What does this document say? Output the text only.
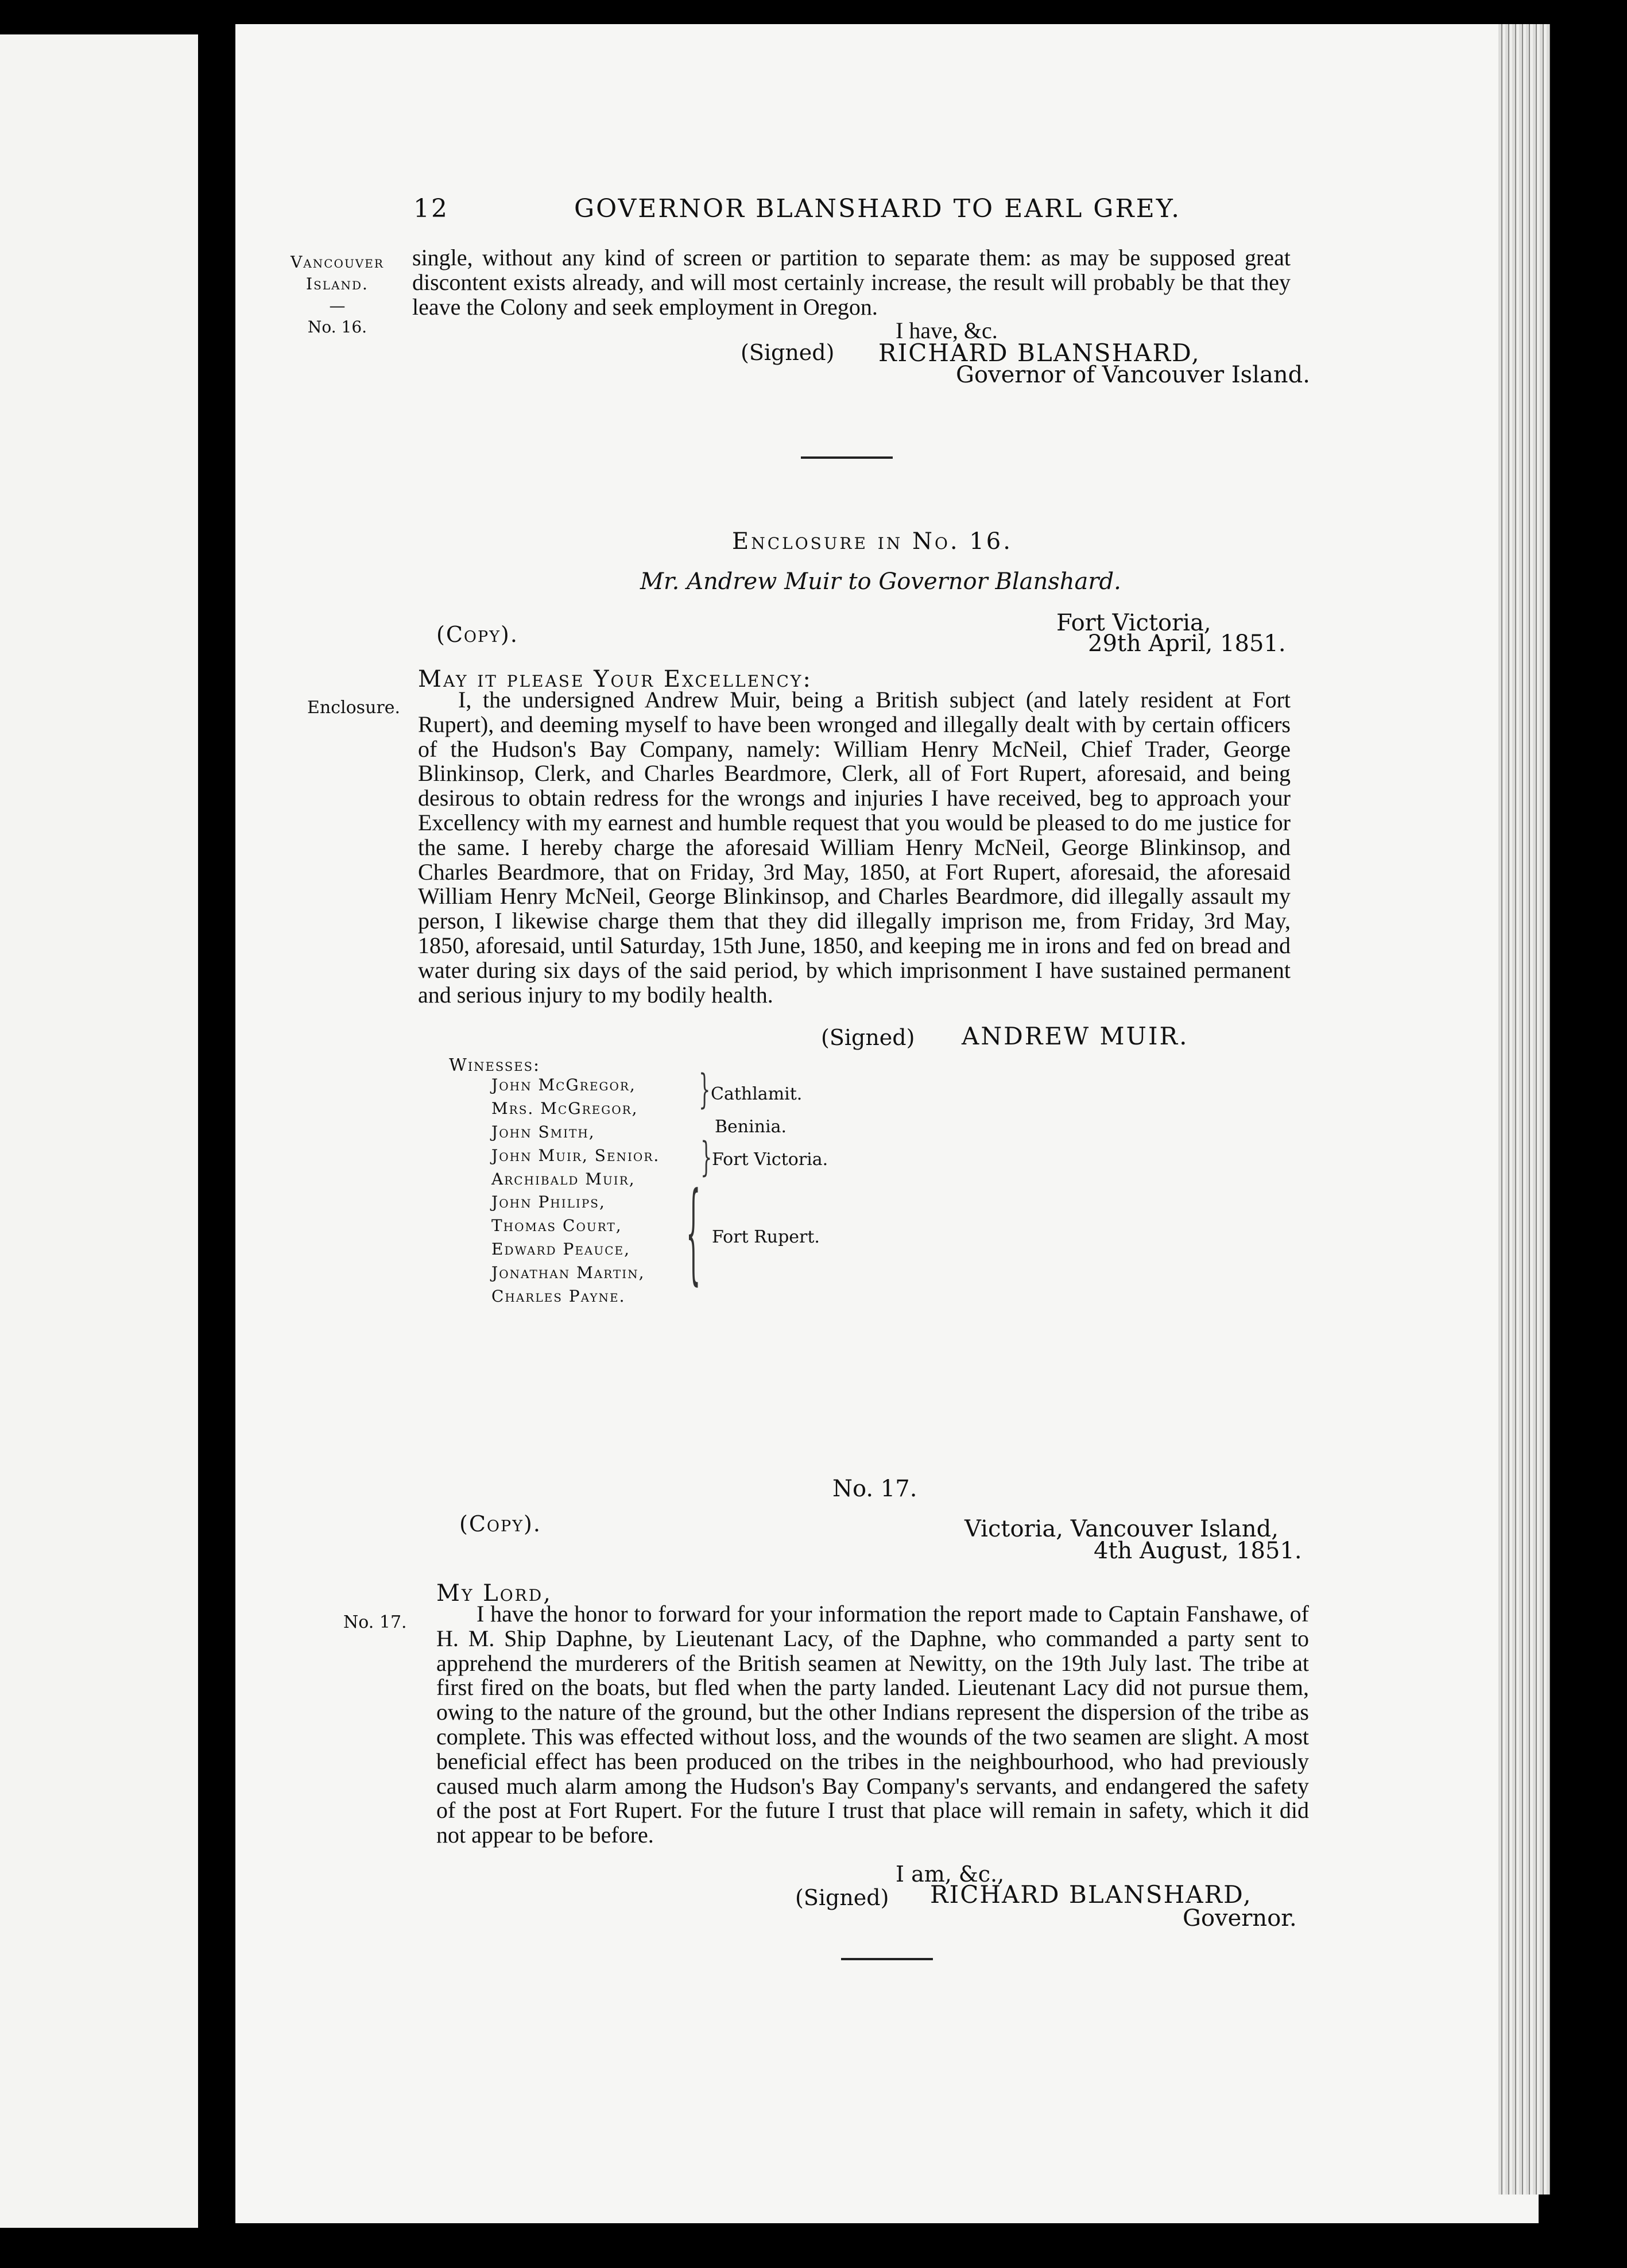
12	GOVERNOR BLANSHARD TO EARL GREY.
Vancouver
Island.
—
No. 16.

single, without any kind of screen or partition to separate them: as may be supposed great discontent exists already, and will most certainly increase, the result will probably be that they leave the Colony and seek employment in Oregon.

I have, &c.
(Signed) RICHARD BLANSHARD,
Governor of Vancouver Island.
Enclosure in No. 16.
Mr. Andrew Muir to Governor Blanshard.
(Copy).	Fort Victoria,
29th April, 1851.
May it please Your Excellency:
Enclosure.	I, the undersigned Andrew Muir, being a British subject (and lately resident at Fort Rupert), and deeming myself to have been wronged and illegally dealt with by certain officers of the Hudson's Bay Company, namely: William Henry McNeil, Chief Trader, George Blinkinsop, Clerk, and Charles Beardmore, Clerk, all of Fort Rupert, aforesaid, and being desirous to obtain redress for the wrongs and injuries I have received, beg to approach your Excellency with my earnest and humble request that you would be pleased to do me justice for the same. I hereby charge the aforesaid William Henry McNeil, George Blinkinsop, and Charles Beardmore, that on Friday, 3rd May, 1850, at Fort Rupert, aforesaid, the aforesaid William Henry McNeil, George Blinkinsop, and Charles Beardmore, did illegally assault my person, I likewise charge them that they did illegally imprison me, from Friday, 3rd May, 1850, aforesaid, until Saturday, 15th June, 1850, and keeping me in irons and fed on bread and water during six days of the said period, by which imprisonment I have sustained permanent and serious injury to my bodily health.

(Signed) ANDREW MUIR.
Winesses:
John McGregor,
Mrs. McGregor,
John Smith,
John Muir, Senior.
Archibald Muir,
John Philips,
Thomas Court,
Edward Peauce,
Jonathan Martin,
Charles Payne.
} Cathlamit.
Beninia.
} Fort Victoria.
{ Fort Rupert.
No. 17.
(Copy).	Victoria, Vancouver Island,
4th August, 1851.
My Lord,
No. 17.	I have the honor to forward for your information the report made to Captain Fanshawe, of H. M. Ship Daphne, by Lieutenant Lacy, of the Daphne, who commanded a party sent to apprehend the murderers of the British seamen at Newitty, on the 19th July last. The tribe at first fired on the boats, but fled when the party landed. Lieutenant Lacy did not pursue them, owing to the nature of the ground, but the other Indians represent the dispersion of the tribe as complete. This was effected without loss, and the wounds of the two seamen are slight. A most beneficial effect has been produced on the tribes in the neighbourhood, who had previously caused much alarm among the Hudson's Bay Company's servants, and endangered the safety of the post at Fort Rupert. For the future I trust that place will remain in safety, which it did not appear to be before.

I am, &c.,
(Signed) RICHARD BLANSHARD,
Governor.
